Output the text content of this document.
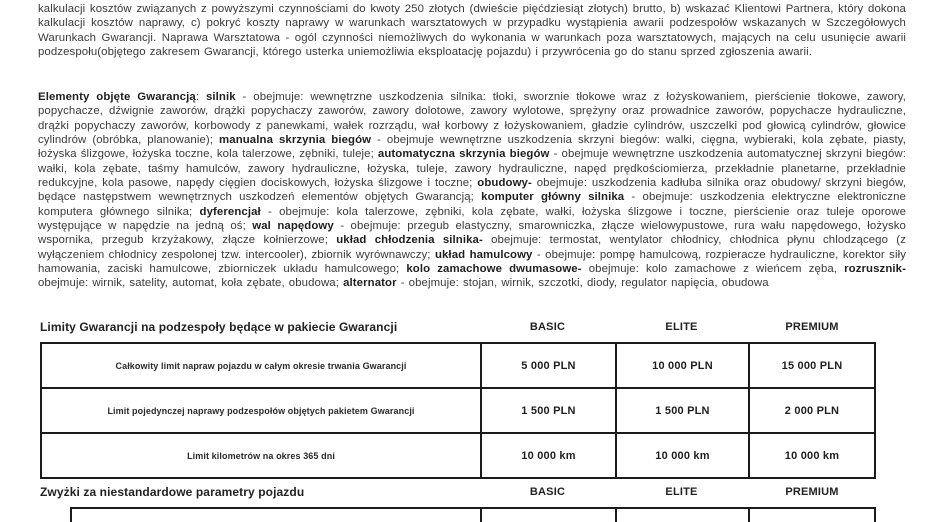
kalkulacji kosztów związanych z powyższymi czynnościami do kwoty 250 złotych (dwieście pięćdziesiąt złotych) brutto, b) wskazać Klientowi Partnera, który dokona kalkulacji kosztów naprawy, c) pokryć koszty naprawy w warunkach warsztatowych w przypadku wystąpienia awarii podzespołów wskazanych w Szczegółowych Warunkach Gwarancji. Naprawa Warsztatowa - ogól czynności niemożliwych do wykonania w warunkach poza warsztatowych, mających na celu usunięcie awarii podzespołu(objętego zakresem Gwarancji, którego usterka uniemożliwia eksploatację pojazdu) i przywrócenia go do stanu sprzed zgłoszenia awarii.

Elementy objęte Gwarancją: silnik - obejmuje: wewnętrzne uszkodzenia silnika: tłoki, sworznie tłokowe wraz z łożyskowaniem, pierścienie tłokowe, zawory, popychacze, dźwignie zaworów, drążki popychaczy zaworów, zawory dolotowe, zawory wylotowe, sprężyny oraz prowadnice zaworów, popychacze hydrauliczne, drążki popychaczy zaworów, korbowody z panewkami, wałek rozrządu, wał korbowy z łożyskowaniem, gładzie cylindrów, uszczelki pod głowicą cylindrów, głowice cylindrów (obróbka, planowanie); manualna skrzynia biegów - obejmuje wewnętrzne uszkodzenia skrzyni biegów: walki, cięgna, wybieraki, kola zębate, piasty, łożyska ślizgowe, łożyska toczne, kola talerzowe, zębniki, tuleje; automatyczna skrzynia biegów - obejmuje wewnętrzne uszkodzenia automatycznej skrzyni biegów: wałki, kola zębate, taśmy hamulców, zawory hydrauliczne, łożyska, tuleje, zawory hydrauliczne, napęd prędkościomierza, przekładnie planetarne, przekładnie redukcyjne, kola pasowe, napędy cięgien dociskowych, łożyska ślizgowe i toczne; obudowy- obejmuje: uszkodzenia kadłuba silnika oraz obudowy/ skrzyni biegów, będące następstwem wewnętrznych uszkodzeń elementów objętych Gwarancją; komputer główny silnika - obejmuje: uszkodzenia elektryczne elektroniczne komputera głównego silnika; dyferencjał - obejmuje: kola talerzowe, zębniki, kola zębate, wałki, łożyska ślizgowe i toczne, pierścienie oraz tuleje oporowe występujące w napędzie na jedną oś; wal napędowy - obejmuje: przegub elastyczny, smarowniczka, złącze wielowypustowe, rura wału napędowego, łożysko wspornika, przegub krzyżakowy, złącze kołnierzowe; układ chłodzenia silnika- obejmuje: termostat, wentylator chłodnicy, chłodnica płynu chlodzącego (z wyłączeniem chłodnicy zespolonej tzw. intercooler), zbiornik wyrównawczy; układ hamulcowy - obejmuje: pompę hamulcową, rozpieracze hydrauliczne, korektor siły hamowania, zaciski hamulcowe, zbiorniczek układu hamulcowego; kolo zamachowe dwumasowe- obejmuje: kolo zamachowe z wieńcem zęba, rozrusznik- obejmuje: wirnik, satelity, automat, koła zębate, obudowa; alternator - obejmuje: stojan, wirnik, szczotki, diody, regulator napięcia, obudowa

Limity Gwarancji na podzespoły będące w pakiecie Gwarancji	BASIC	ELITE	PREMIUM
Całkowity limit napraw pojazdu w całym okresie trwania Gwarancji	5 000 PLN	10 000 PLN	15 000 PLN
Limit pojedynczej naprawy podzespołów objętych pakietem Gwarancji	1 500 PLN	1 500 PLN	2 000 PLN
Limit kilometrów na okres 365 dni	10 000 km	10 000 km	10 000 km
Zwyżki za niestandardowe parametry pojazdu	BASIC	ELITE	PREMIUM
